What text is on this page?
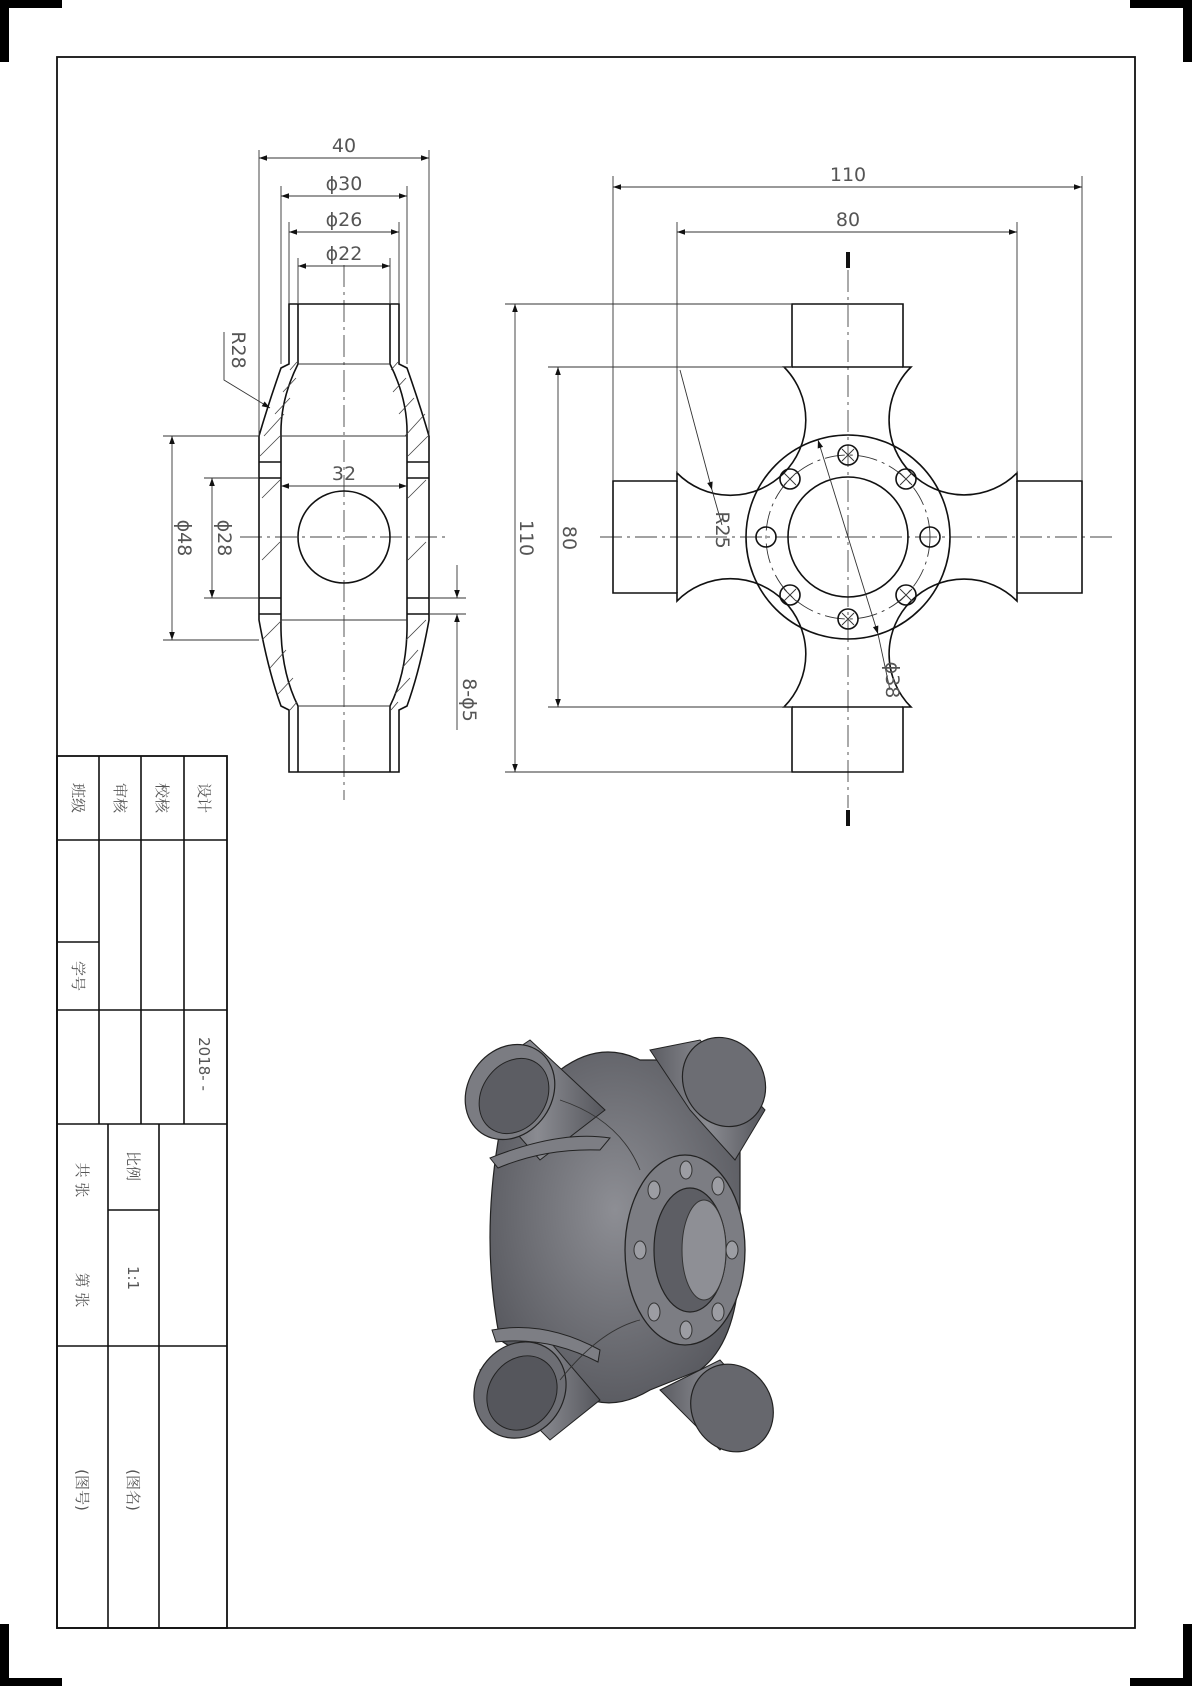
40
ϕ30
ϕ26
ϕ22
32
R28
ϕ48 ϕ28
8-ϕ5
110
80
110 80	R25
ϕ38
设计
校核
审核
班级
学号
2018- -
比例
1:1
共 张
第 张
(图名)
(图号)
